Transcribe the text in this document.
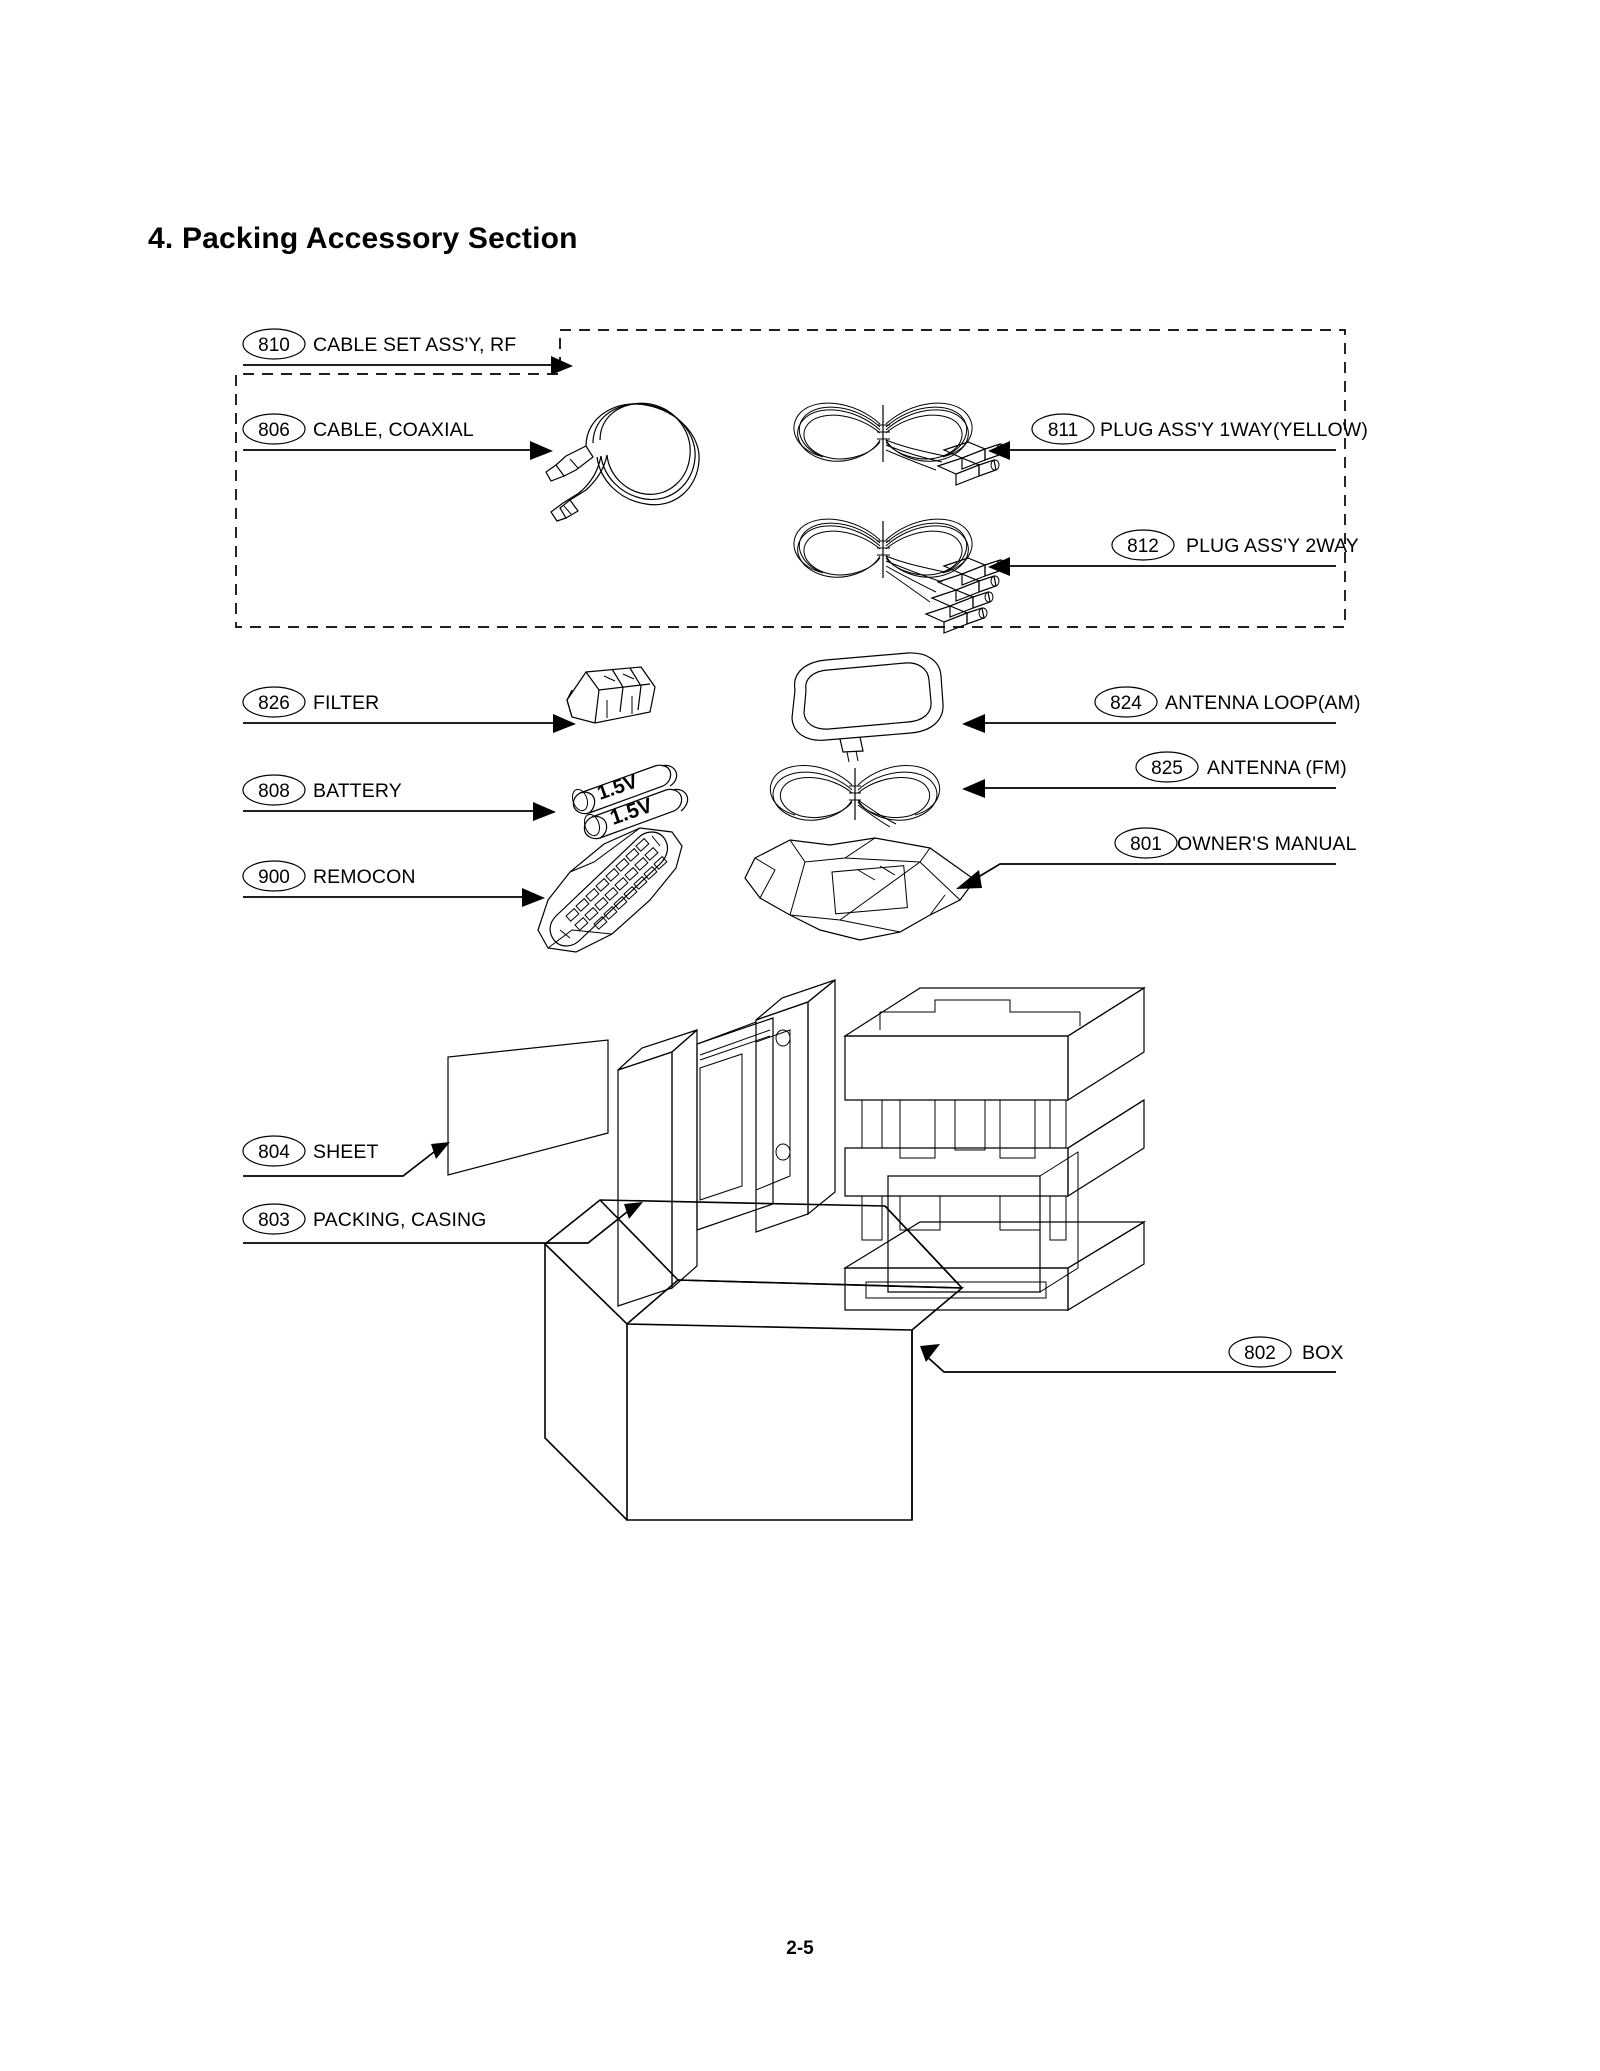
4. Packing Accessory Section
810 CABLE SET ASS'Y, RF
806 CABLE, COAXIAL	811 PLUG ASS'Y 1WAY(YELLOW)
812 PLUG ASS'Y 2WAY
826 FILTER	824 ANTENNA LOOP(AM)
808 BATTERY	1.5V
1.5V
825 ANTENNA (FM)
801 OWNER'S MANUAL
900 REMOCON
804 SHEET
803 PACKING, CASING
802 BOX
2-5
